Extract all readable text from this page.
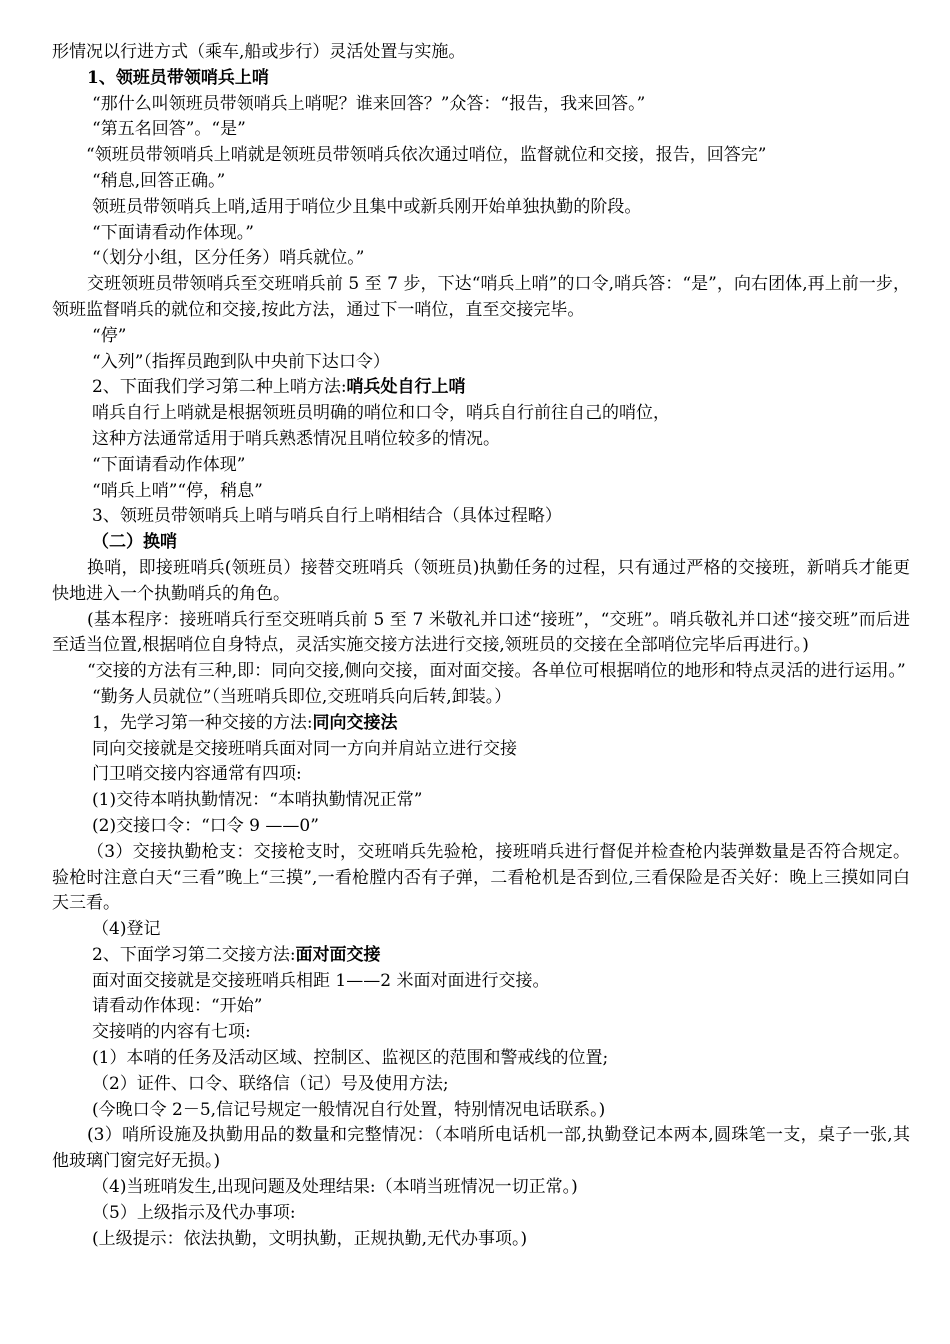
形情况以行进方式（乘车,船或步行）灵活处置与实施。

1、领班员带领哨兵上哨

“那什么叫领班员带领哨兵上哨呢？谁来回答？”众答：“报告，我来回答。”

“第五名回答”。“是”

“领班员带领哨兵上哨就是领班员带领哨兵依次通过哨位，监督就位和交接，报告，回答完”

“稍息,回答正确。”

领班员带领哨兵上哨,适用于哨位少且集中或新兵刚开始单独执勤的阶段。

“下面请看动作体现。”

“（划分小组，区分任务）哨兵就位。”

交班领班员带领哨兵至交班哨兵前 5 至 7 步，下达“哨兵上哨”的口令,哨兵答：“是”，向右团体,再上前一步，领班监督哨兵的就位和交接,按此方法，通过下一哨位，直至交接完毕。

“停”

“入列”（指挥员跑到队中央前下达口令）

2、下面我们学习第二种上哨方法:哨兵处自行上哨

哨兵自行上哨就是根据领班员明确的哨位和口令，哨兵自行前往自己的哨位，

这种方法通常适用于哨兵熟悉情况且哨位较多的情况。

“下面请看动作体现”

“哨兵上哨”“停，稍息”

3、领班员带领哨兵上哨与哨兵自行上哨相结合（具体过程略）

（二）换哨

换哨，即接班哨兵(领班员）接替交班哨兵（领班员)执勤任务的过程，只有通过严格的交接班，新哨兵才能更快地进入一个执勤哨兵的角色。

(基本程序：接班哨兵行至交班哨兵前 5 至 7 米敬礼并口述“接班”，“交班”。哨兵敬礼并口述“接交班”而后进至适当位置,根据哨位自身特点，灵活实施交接方法进行交接,领班员的交接在全部哨位完毕后再进行。)

“交接的方法有三种,即：同向交接,侧向交接，面对面交接。各单位可根据哨位的地形和特点灵活的进行运用。”

“勤务人员就位”（当班哨兵即位,交班哨兵向后转,卸装。）

1，先学习第一种交接的方法:同向交接法

同向交接就是交接班哨兵面对同一方向并肩站立进行交接

门卫哨交接内容通常有四项:

(1)交待本哨执勤情况：“本哨执勤情况正常”

(2)交接口令：“口令 9 ——0”

（3）交接执勤枪支：交接枪支时，交班哨兵先验枪，接班哨兵进行督促并检查枪内装弹数量是否符合规定。验枪时注意白天“三看”晚上“三摸”,一看枪膛内否有子弹，二看枪机是否到位,三看保险是否关好：晚上三摸如同白天三看。

（4)登记

2、下面学习第二交接方法:面对面交接

面对面交接就是交接班哨兵相距 1——2 米面对面进行交接。

请看动作体现：“开始”

交接哨的内容有七项:

(1）本哨的任务及活动区域、控制区、监视区的范围和警戒线的位置;

（2）证件、口令、联络信（记）号及使用方法;

(今晚口令 2－5,信记号规定一般情况自行处置，特别情况电话联系。)

(3）哨所设施及执勤用品的数量和完整情况：（本哨所电话机一部,执勤登记本两本,圆珠笔一支，桌子一张,其他玻璃门窗完好无损。)

（4)当班哨发生,出现问题及处理结果:（本哨当班情况一切正常。)

（5）上级指示及代办事项:

(上级提示：依法执勤，文明执勤，正规执勤,无代办事项。)
